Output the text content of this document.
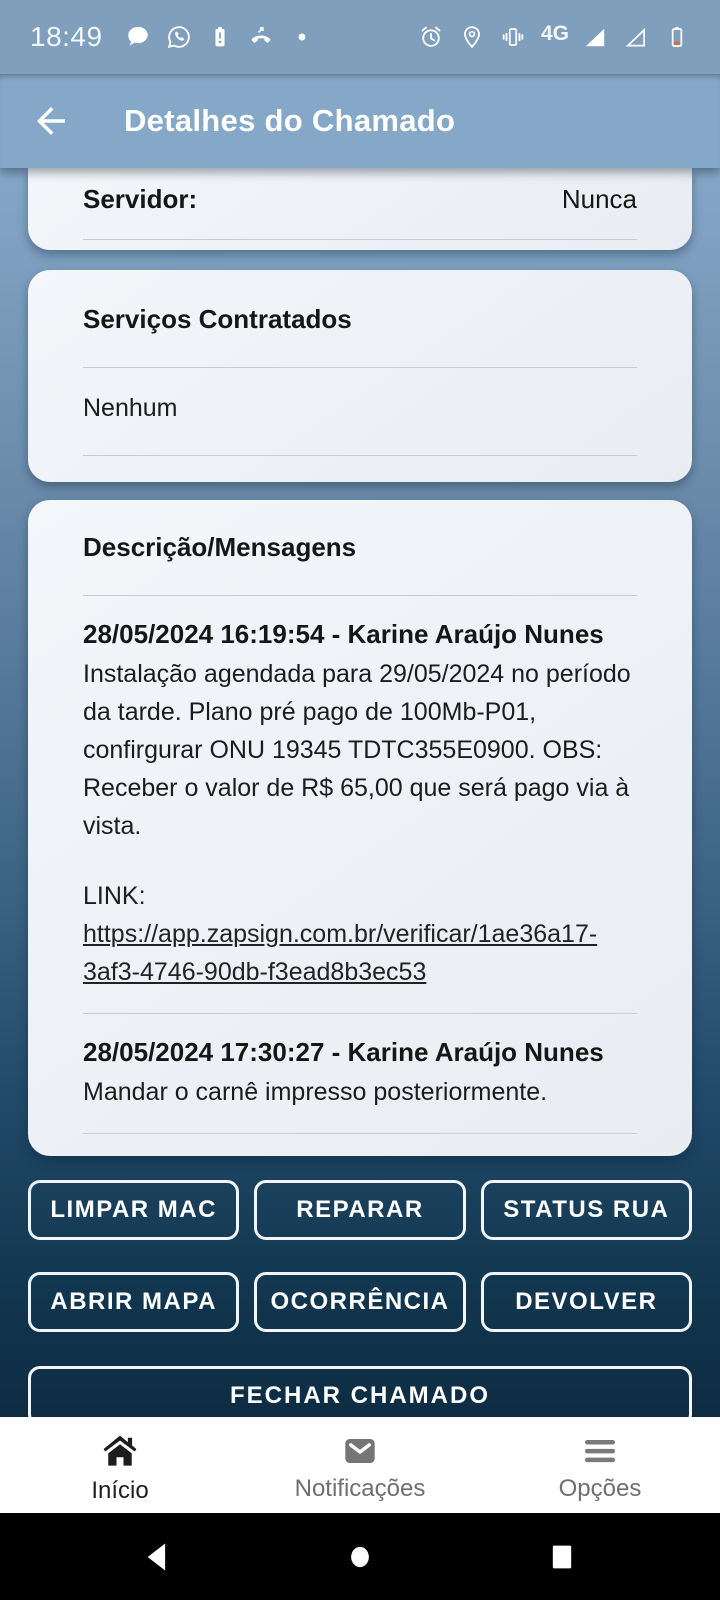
18:49	4G
Detalhes do Chamado
Servidor:	Nunca
Serviços Contratados
Nenhum
Descrição/Mensagens
28/05/2024 16:19:54 - Karine Araújo Nunes
Instalação agendada para 29/05/2024 no período da tarde. Plano pré pago de 100Mb-P01, confirgurar ONU 19345 TDTC355E0900. OBS: Receber o valor de R$ 65,00 que será pago via à vista.
LINK:
https://app.zapsign.com.br/verificar/1ae36a17-3af3-4746-90db-f3ead8b3ec53
28/05/2024 17:30:27 - Karine Araújo Nunes
Mandar o carnê impresso posteriormente.
LIMPAR MAC	REPARAR	STATUS RUA
ABRIR MAPA	OCORRÊNCIA	DEVOLVER
FECHAR CHAMADO
Início	Notificações	Opções
